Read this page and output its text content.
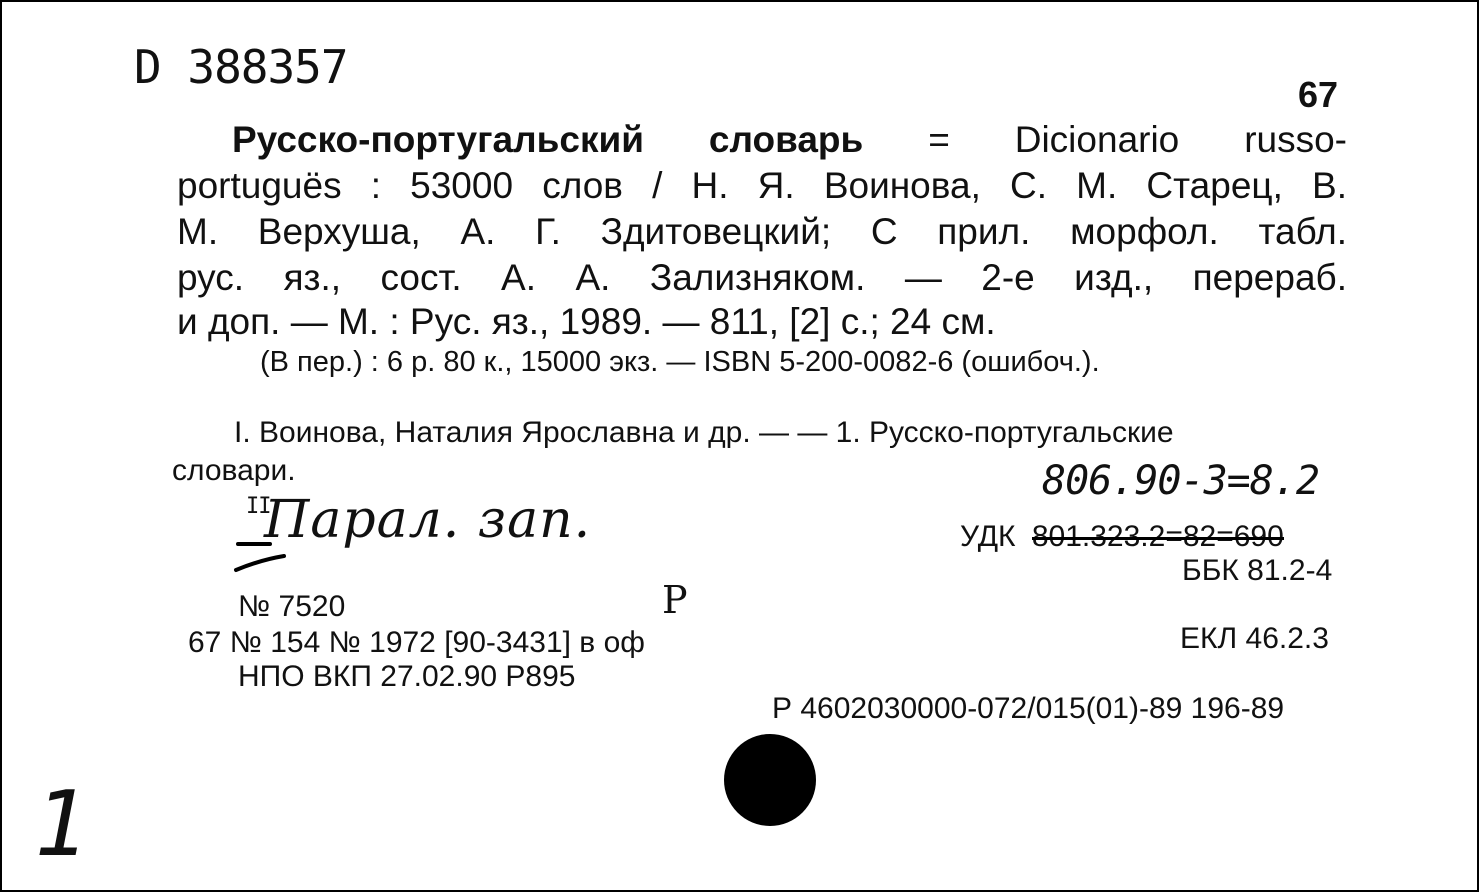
D 388357
67
Русско-португальский словарь = Dicionario russo-
portuguës : 53000 слов / Н. Я. Воинова, С. М. Старец, В.
М. Верхуша, А. Г. Здитовецкий; С прил. морфол. табл.
рус. яз., сост. А. А. Зализняком. — 2-е изд., перераб.
и доп. — М. : Рус. яз., 1989. — 811, [2] с.; 24 см.
(В пер.) : 6 р. 80 к., 15000 экз. — ISBN 5-200-0082-6 (ошибоч.).
I. Воинова, Наталия Ярославна и др. — — 1. Русско-португальские
словари.
II
Парал. зап.
806.90-3=8.2
УДК 801.323.2=82=690
ББК 81.2-4
№ 7520	Р
67 № 154 № 1972 [90-3431] в оф	ЕКЛ 46.2.3
НПО ВКП 27.02.90 Р895
Р 4602030000-072/015(01)-89 196-89
1
